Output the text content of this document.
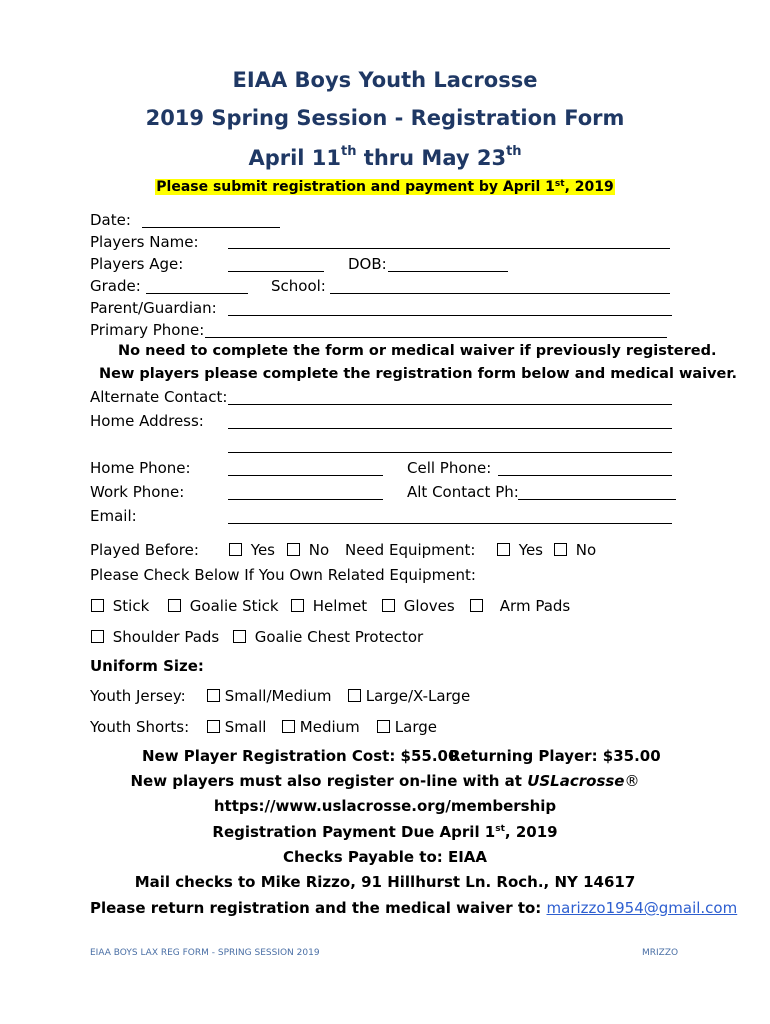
EIAA Boys Youth Lacrosse
2019 Spring Session - Registration Form
April 11th thru May 23th
Please submit registration and payment by April 1st, 2019
Date:
Players Name:
Players Age:	DOB:
Grade:	School:
Parent/Guardian:
Primary Phone:
No need to complete the form or medical waiver if previously registered.
New players please complete the registration form below and medical waiver.
Alternate Contact:
Home Address:
Home Phone:	Cell Phone:
Work Phone:	Alt Contact Ph:
Email:
Played Before:	Yes	No Need Equipment:	Yes	No
Please Check Below If You Own Related Equipment:
Stick	Goalie Stick	Helmet	Gloves	Arm Pads
Shoulder Pads	Goalie Chest Protector
Uniform Size:
Youth Jersey:	Small/Medium	Large/X-Large
Youth Shorts:	Small	Medium	Large
New Player Registration Cost: $55.00
Returning Player: $35.00
New players must also register on-line with at USLacrosse®
https://www.uslacrosse.org/membership
Registration Payment Due April 1st, 2019
Checks Payable to: EIAA
Mail checks to Mike Rizzo, 91 Hillhurst Ln. Roch., NY 14617
Please return registration and the medical waiver to: marizzo1954@gmail.com
EIAA BOYS LAX REG FORM - SPRING SESSION 2019	MRIZZO
